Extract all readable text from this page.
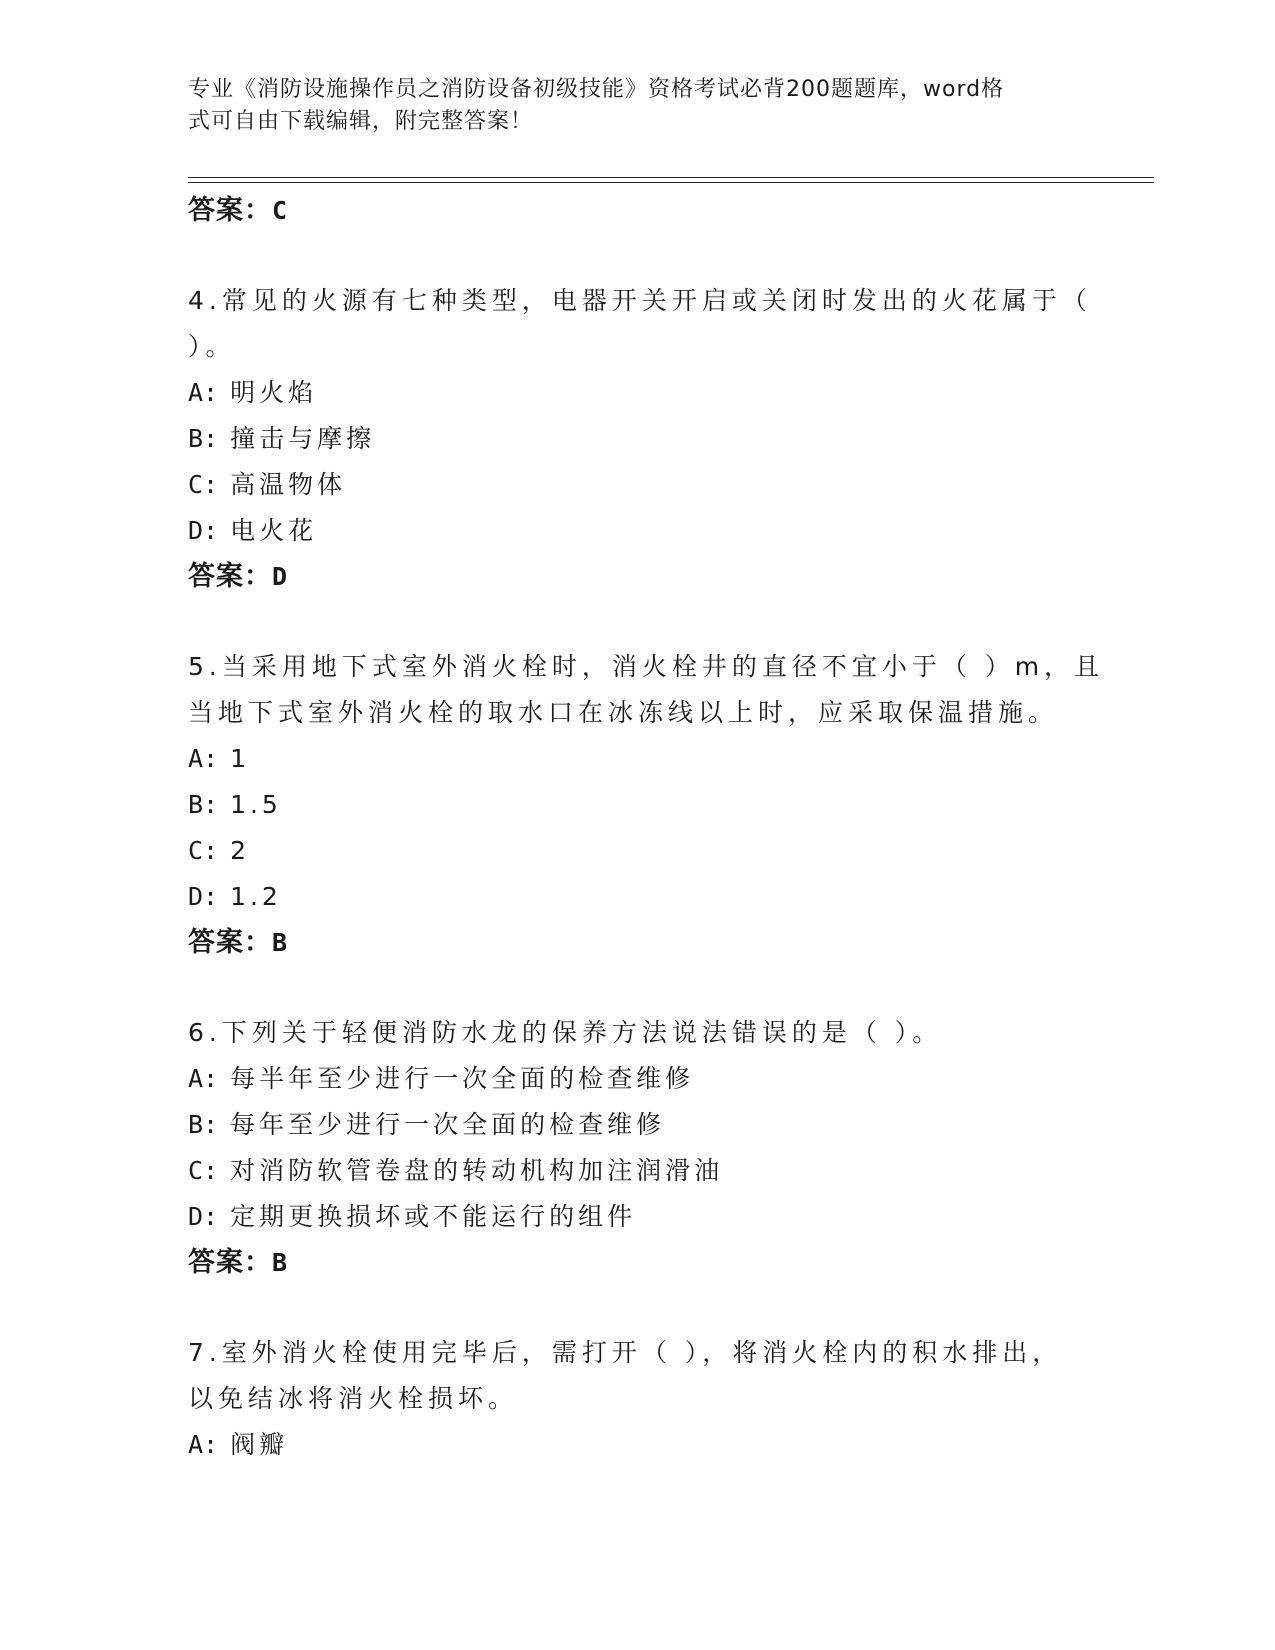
专业《消防设施操作员之消防设备初级技能》资格考试必背200题题库，word格
式可自由下载编辑，附完整答案！
答案：C
4.常见的火源有七种类型，电器开关开启或关闭时发出的火花属于（
）。
A: 明火焰
B: 撞击与摩擦
C: 高温物体
D: 电火花
答案：D
5.当采用地下式室外消火栓时，消火栓井的直径不宜小于（ ）m，且
当地下式室外消火栓的取水口在冰冻线以上时，应采取保温措施。
A: 1
B: 1.5
C: 2
D: 1.2
答案：B
6.下列关于轻便消防水龙的保养方法说法错误的是（ ）。
A: 每半年至少进行一次全面的检查维修
B: 每年至少进行一次全面的检查维修
C: 对消防软管卷盘的转动机构加注润滑油
D: 定期更换损坏或不能运行的组件
答案：B
7.室外消火栓使用完毕后，需打开（ ），将消火栓内的积水排出，
以免结冰将消火栓损坏。
A: 阀瓣
